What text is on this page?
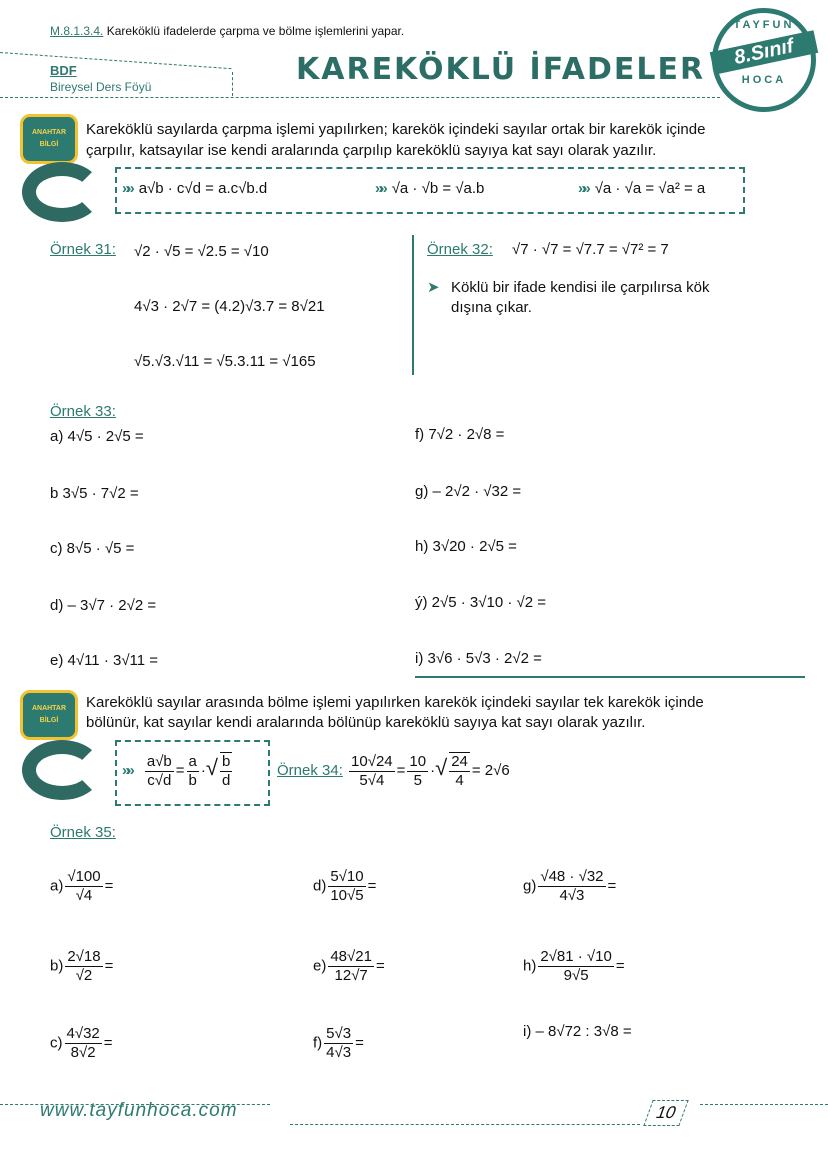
M.8.1.3.4. Kareköklü ifadelerde çarpma ve bölme işlemlerini yapar.
BDF
Bireysel Ders Föyü	KAREKÖKLÜ İFADELER
TAYFUN
8.Sınıf
HOCA
ANAHTAR BİLGİ
Kareköklü sayılarda çarpma işlemi yapılırken; karekök içindeki sayılar ortak bir karekök içinde
çarpılır, katsayılar ise kendi aralarında çarpılıp kareköklü sayıya kat sayı olarak yazılır.
»» a√b · c√d = a.c√b.d	»» √a · √b = √a.b	»» √a · √a = √a² = a
Örnek 31: √2 · √5 = √2.5 = √10
4√3 · 2√7 = (4.2)√3.7 = 8√21
√5.√3.√11 = √5.3.11 = √165
Örnek 32: √7 · √7 = √7.7 = √7² = 7
➤ Köklü bir ifade kendisi ile çarpılırsa kök
dışına çıkar.
Örnek 33:
a) 4√5 · 2√5 =
b 3√5 · 7√2 =
c) 8√5 · √5 =
d) – 3√7 · 2√2 =
e) 4√11 · 3√11 =
f) 7√2 · 2√8 =
g) – 2√2 · √32 =
h) 3√20 · 2√5 =
ý) 2√5 · 3√10 · √2 =
i) 3√6 · 5√3 · 2√2 =
ANAHTAR BİLGİ
Kareköklü sayılar arasında bölme işlemi yapılırken karekök içindeki sayılar tek karekök içinde
bölünür, kat sayılar kendi aralarında bölünüp kareköklü sayıya kat sayı olarak yazılır.
»» $\frac{a√b}{c√d} = \frac{a}{b}$ ·√ $\frac{b}{d}$	Örnek 34: $\frac{10√24}{5√4} = \frac{10}{5}$ ·√ $\frac{24}{4} = 2√6$
Örnek 35:
$a) \frac{√100}{√4}$ =	$d) \frac{5√10}{10√5}$ =	$g) \frac{√48 \cdot √32}{4√3}$ =
$b) \frac{2√18}{√2}$ =	$e) \frac{48√21}{12√7}$ =	$h) \frac{2√81 \cdot √10}{9√5}$ =
$c) \frac{4√32}{8√2}$ =	$f) \frac{5√3}{4√3}$ =
i) – 8√72 : 3√8 =
www.tayfunhoca.com	10
